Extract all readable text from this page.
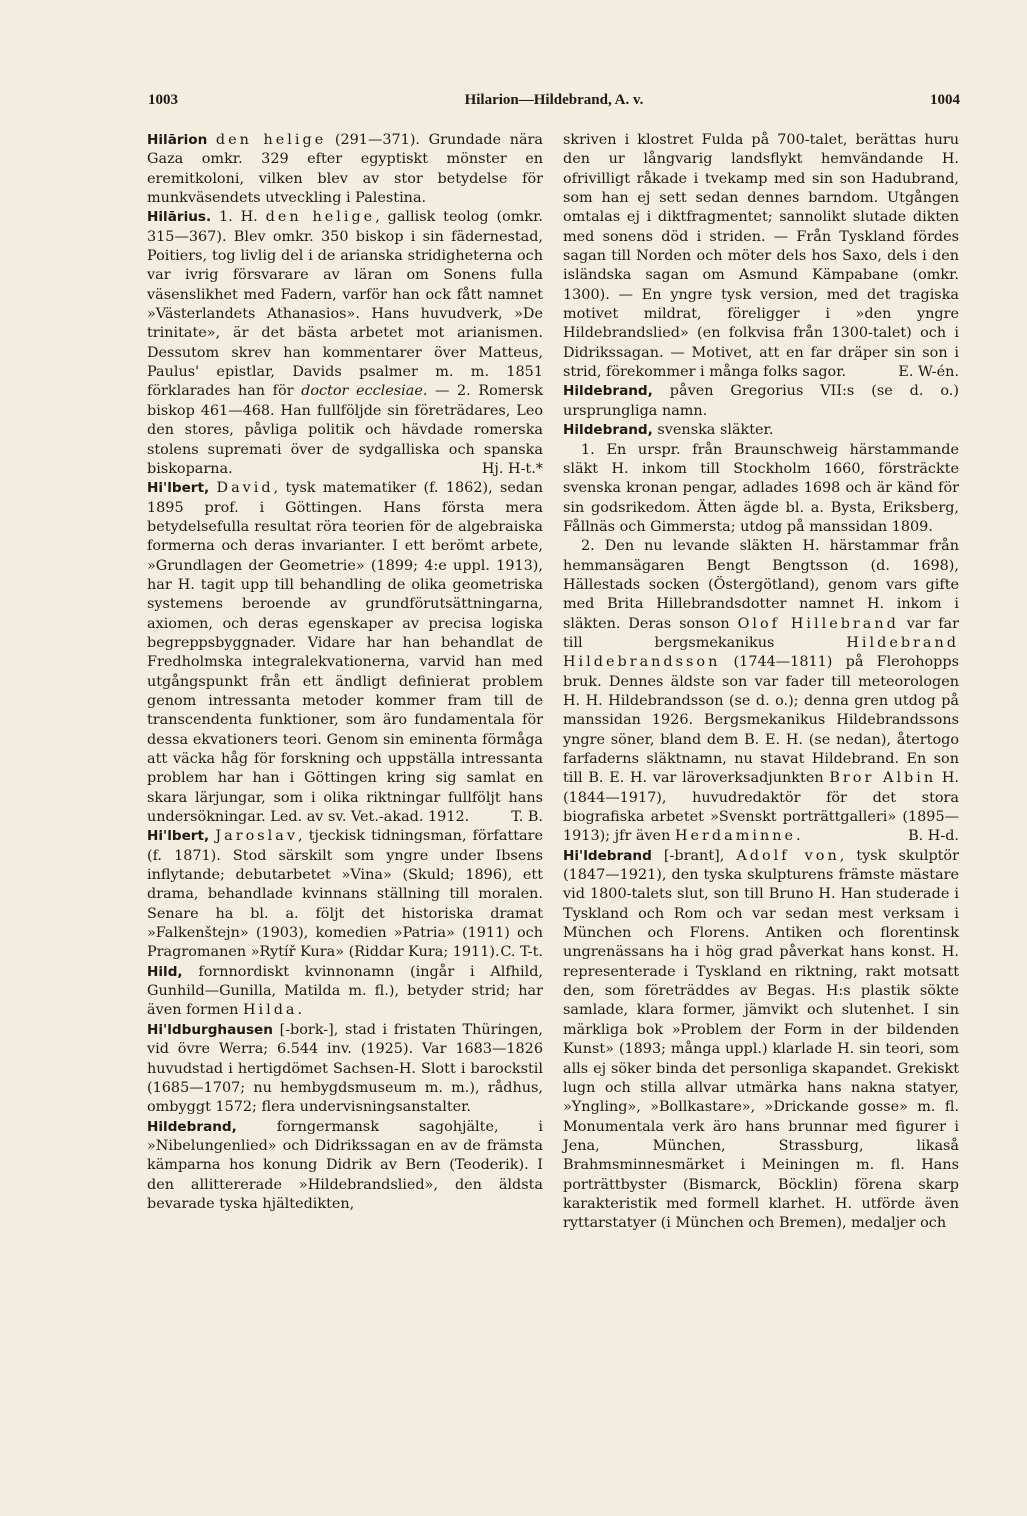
1003	Hilarion—Hildebrand, A. v.	1004

Hilārion den helige (291—371). Grundade nära Gaza omkr. 329 efter egyptiskt mönster en eremitkoloni, vilken blev av stor betydelse för munkväsendets utveckling i Palestina.

Hilārius. 1. H. den helige, gallisk teolog (omkr. 315—367). Blev omkr. 350 biskop i sin fädernestad, Poitiers, tog livlig del i de arianska stridigheterna och var ivrig försvarare av läran om Sonens fulla väsenslikhet med Fadern, varför han ock fått namnet »Västerlandets Athanasios». Hans huvudverk, »De trinitate», är det bästa arbetet mot arianismen. Dessutom skrev han kommentarer över Matteus, Paulus' epistlar, Davids psalmer m. m. 1851 förklarades han för doctor ecclesiae. — 2. Romersk biskop 461—468. Han fullföljde sin företrädares, Leo den stores, påvliga politik och hävdade romerska stolens suprematі över de sydgalliska och spanska biskoparna.	Hj. H-t.*

Hi'lbert, David, tysk matematiker (f. 1862), sedan 1895 prof. i Göttingen. Hans första mera betydelsefulla resultat röra teorien för de algebraiska formerna och deras invarianter. I ett berömt arbete, »Grundlagen der Geometrie» (1899; 4:e uppl. 1913), har H. tagit upp till behandling de olika geometriska systemens beroende av grundförutsättningarna, axiomen, och deras egenskaper av precisa logiska begreppsbyggnader. Vidare har han behandlat de Fredholmska integralekvationerna, varvid han med utgångspunkt från ett ändligt definierat problem genom intressanta metoder kommer fram till de transcendenta funktioner, som äro fundamentala för dessa ekvationers teori. Genom sin eminenta förmåga att väcka håg för forskning och uppställa intressanta problem har han i Göttingen kring sig samlat en skara lärjungar, som i olika riktningar fullföljt hans undersökningar. Led. av sv. Vet.-akad. 1912.	T. B.

Hi'lbert, Jaroslav, tjeckisk tidningsman, författare (f. 1871). Stod särskilt som yngre under Ibsens inflytande; debutarbetet »Vina» (Skuld; 1896), ett drama, behandlade kvinnans ställning till moralen. Senare ha bl. a. följt det historiska dramat »Falkenštejn» (1903), komedien »Patria» (1911) och Pragromanen »Rytíř Kura» (Riddar Kura; 1911). C. T-t.

Hild, fornnordiskt kvinnonamn (ingår i Alfhild, Gunhild—Gunilla, Matilda m. fl.), betyder strid; har även formen Hilda.

Hi'ldburghausen [-bork-], stad i fristaten Thüringen, vid övre Werra; 6.544 inv. (1925). Var 1683—1826 huvudstad i hertigdömet Sachsen-H. Slott i barockstil (1685—1707; nu hembygdsmuseum m. m.), rådhus, ombyggt 1572; flera undervisningsanstalter.

Hildebrand, forngermansk sagohjälte, i »Nibelungenlied» och Didrikssagan en av de främsta kämparna hos konung Didrik av Bern (Teoderik). I den allittererade »Hildebrandslied», den äldsta bevarade tyska hjältedikten,

skriven i klostret Fulda på 700-talet, berättas huru den ur långvarig landsflykt hemvändande H. ofrivilligt råkade i tvekamp med sin son Hadubrand, som han ej sett sedan dennes barndom. Utgången omtalas ej i diktfragmentet; sannolikt slutade dikten med sonens död i striden. — Från Tyskland fördes sagan till Norden och möter dels hos Saxo, dels i den isländska sagan om Asmund Kämpabane (omkr. 1300). — En yngre tysk version, med det tragiska motivet mildrat, föreligger i »den yngre Hildebrandslied» (en folkvisa från 1300-talet) och i Didrikssagan. — Motivet, att en far dräper sin son i strid, förekommer i många folks sagor.	E. W-én.

Hildebrand, påven Gregorius VII:s (se d. o.) ursprungliga namn.

Hildebrand, svenska släkter.

1. En urspr. från Braunschweig härstammande släkt H. inkom till Stockholm 1660, försträckte svenska kronan pengar, adlades 1698 och är känd för sin godsrikedom. Ätten ägde bl. a. Bysta, Eriksberg, Fållnäs och Gimmersta; utdog på manssidan 1809.

2. Den nu levande släkten H. härstammar från hemmansägaren Bengt Bengtsson (d. 1698), Hällestads socken (Östergötland), genom vars gifte med Brita Hillebrandsdotter namnet H. inkom i släkten. Deras sonson Olof Hillebrand var far till bergsmekanikus Hildebrand Hildebrandsson (1744—1811) på Flerohopps bruk. Dennes äldste son var fader till meteorologen H. H. Hildebrandsson (se d. o.); denna gren utdog på manssidan 1926. Bergsmekanikus Hildebrandssons yngre söner, bland dem B. E. H. (se nedan), återtogo farfaderns släktnamn, nu stavat Hildebrand. En son till B. E. H. var läroverksadjunkten Bror Albin H. (1844—1917), huvudredaktör för det stora biografiska arbetet »Svenskt porträttgalleri» (1895—1913); jfr även Herdaminne.	B. H-d.

Hi'ldebrand [-brant], Adolf von, tysk skulptör (1847—1921), den tyska skulpturens främste mästare vid 1800-talets slut, son till Bruno H. Han studerade i Tyskland och Rom och var sedan mest verksam i München och Florens. Antiken och florentinsk ungrenässans ha i hög grad påverkat hans konst. H. representerade i Tyskland en riktning, rakt motsatt den, som företräddes av Begas. H:s plastik sökte samlade, klara former, jämvikt och slutenhet. I sin märkliga bok »Problem der Form in der bildenden Kunst» (1893; många uppl.) klarlade H. sin teori, som alls ej söker binda det personliga skapandet. Grekiskt lugn och stilla allvar utmärka hans nakna statyer, »Yngling», »Bollkastare», »Drickande gosse» m. fl. Monumentala verk äro hans brunnar med figurer i Jena, München, Strassburg, likaså Brahmsminnesmärket i Meiningen m. fl. Hans porträttbyster (Bismarck, Böcklin) förena skarp karakteristik med formell klarhet. H. utförde även ryttarstatyer (i München och Bremen), medaljer och
